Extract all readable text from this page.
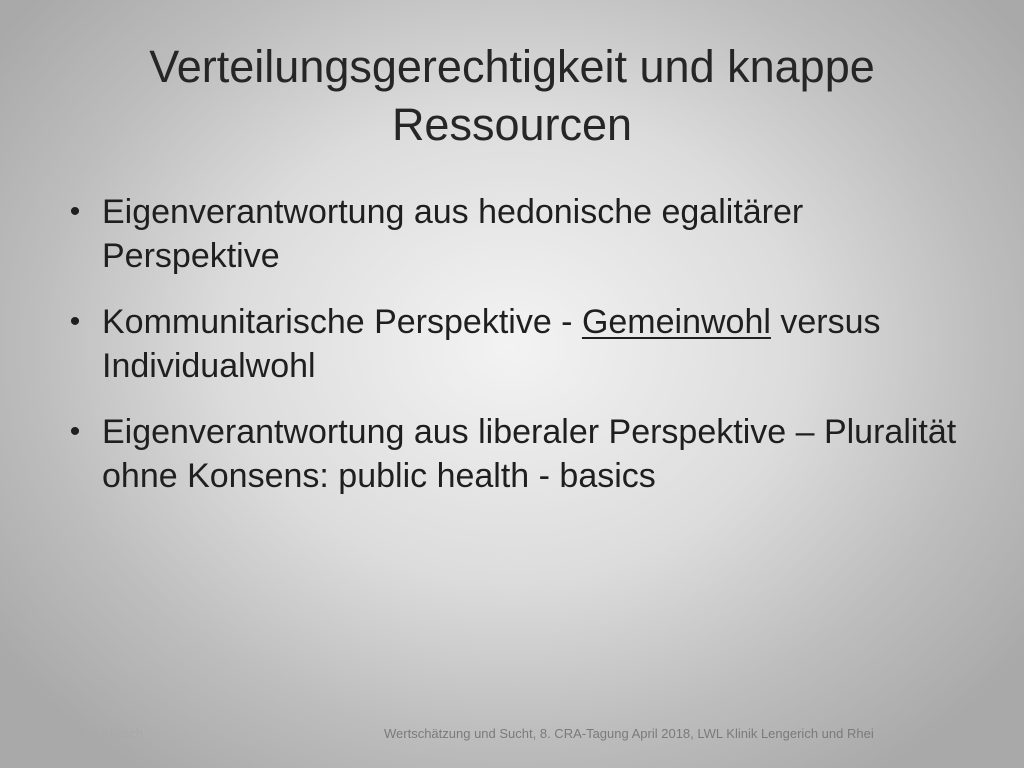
Verteilungsgerechtigkeit und knappe Ressourcen
• Eigenverantwortung aus hedonische egalitärer Perspektive
• Kommunitarische Perspektive - Gemeinwohl versus Individualwohl
• Eigenverantwortung aus liberaler Perspektive – Pluralität ohne Konsens: public health - basics
Stefan Kliesch	Wertschätzung und Sucht, 8. CRA-Tagung April 2018, LWL Klinik Lengerich und Rhei
